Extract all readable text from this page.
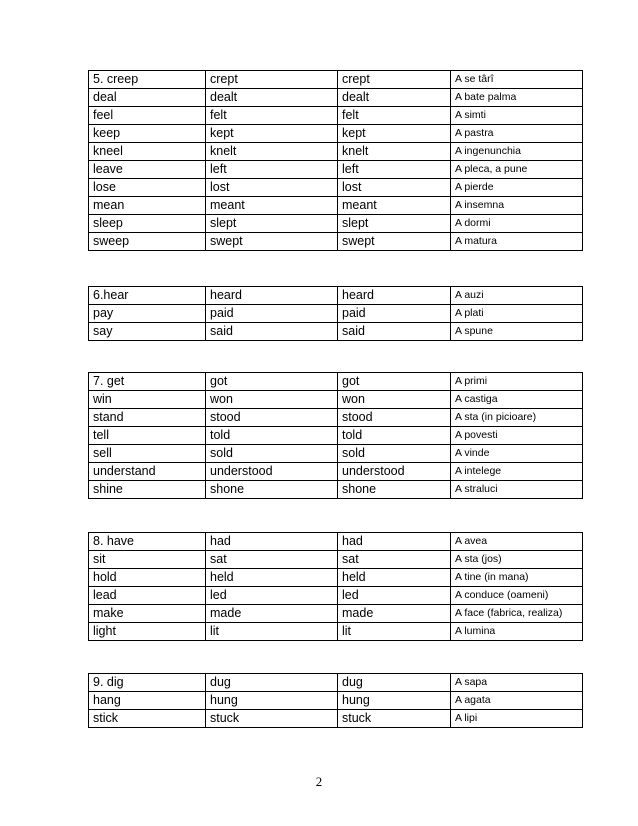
5. creep	crept	crept	A se târî
deal	dealt	dealt	A bate palma
feel	felt	felt	A simti
keep	kept	kept	A pastra
kneel	knelt	knelt	A ingenunchia
leave	left	left	A pleca, a pune
lose	lost	lost	A pierde
mean	meant	meant	A insemna
sleep	slept	slept	A dormi
sweep	swept	swept	A matura
6.hear	heard	heard	A auzi
pay	paid	paid	A plati
say	said	said	A spune
7. get	got	got	A primi
win	won	won	A castiga
stand	stood	stood	A sta (in picioare)
tell	told	told	A povesti
sell	sold	sold	A vinde
understand	understood	understood	A intelege
shine	shone	shone	A straluci
8. have	had	had	A avea
sit	sat	sat	A sta (jos)
hold	held	held	A tine (in mana)
lead	led	led	A conduce (oameni)
make	made	made	A face (fabrica, realiza)
light	lit	lit	A lumina
9. dig	dug	dug	A sapa
hang	hung	hung	A agata
stick	stuck	stuck	A lipi
2
